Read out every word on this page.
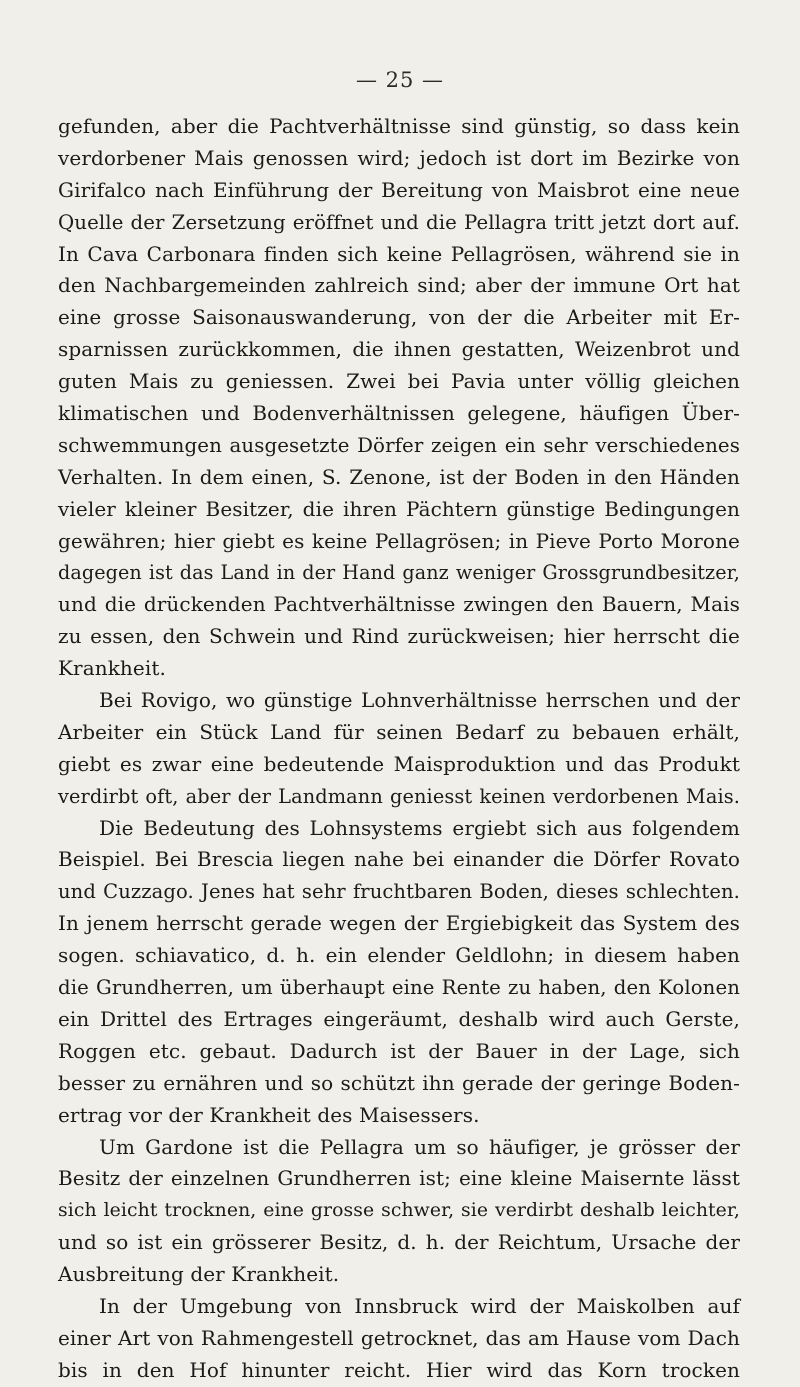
— 25 —
gefunden, aber die Pachtverhältnisse sind günstig, so dass kein
verdorbener Mais genossen wird; jedoch ist dort im Bezirke von
Girifalco nach Einführung der Bereitung von Maisbrot eine neue
Quelle der Zersetzung eröffnet und die Pellagra tritt jetzt dort auf.
In Cava Carbonara finden sich keine Pellagrösen, während sie in
den Nachbargemeinden zahlreich sind; aber der immune Ort hat
eine grosse Saisonauswanderung, von der die Arbeiter mit Er-
sparnissen zurückkommen, die ihnen gestatten, Weizenbrot und
guten Mais zu geniessen. Zwei bei Pavia unter völlig gleichen
klimatischen und Bodenverhältnissen gelegene, häufigen Über-
schwemmungen ausgesetzte Dörfer zeigen ein sehr verschiedenes
Verhalten. In dem einen, S. Zenone, ist der Boden in den Händen
vieler kleiner Besitzer, die ihren Pächtern günstige Bedingungen
gewähren; hier giebt es keine Pellagrösen; in Pieve Porto Morone
dagegen ist das Land in der Hand ganz weniger Grossgrundbesitzer,
und die drückenden Pachtverhältnisse zwingen den Bauern, Mais
zu essen, den Schwein und Rind zurückweisen; hier herrscht die
Krankheit.
Bei Rovigo, wo günstige Lohnverhältnisse herrschen und der
Arbeiter ein Stück Land für seinen Bedarf zu bebauen erhält,
giebt es zwar eine bedeutende Maisproduktion und das Produkt
verdirbt oft, aber der Landmann geniesst keinen verdorbenen Mais.
Die Bedeutung des Lohnsystems ergiebt sich aus folgendem
Beispiel. Bei Brescia liegen nahe bei einander die Dörfer Rovato
und Cuzzago. Jenes hat sehr fruchtbaren Boden, dieses schlechten.
In jenem herrscht gerade wegen der Ergiebigkeit das System des
sogen. schiavatico, d. h. ein elender Geldlohn; in diesem haben
die Grundherren, um überhaupt eine Rente zu haben, den Kolonen
ein Drittel des Ertrages eingeräumt, deshalb wird auch Gerste,
Roggen etc. gebaut. Dadurch ist der Bauer in der Lage, sich
besser zu ernähren und so schützt ihn gerade der geringe Boden-
ertrag vor der Krankheit des Maisessers.
Um Gardone ist die Pellagra um so häufiger, je grösser der
Besitz der einzelnen Grundherren ist; eine kleine Maisernte lässt
sich leicht trocknen, eine grosse schwer, sie verdirbt deshalb leichter,
und so ist ein grösserer Besitz, d. h. der Reichtum, Ursache der
Ausbreitung der Krankheit.
In der Umgebung von Innsbruck wird der Maiskolben auf
einer Art von Rahmengestell getrocknet, das am Hause vom Dach
bis in den Hof hinunter reicht. Hier wird das Korn trocken
